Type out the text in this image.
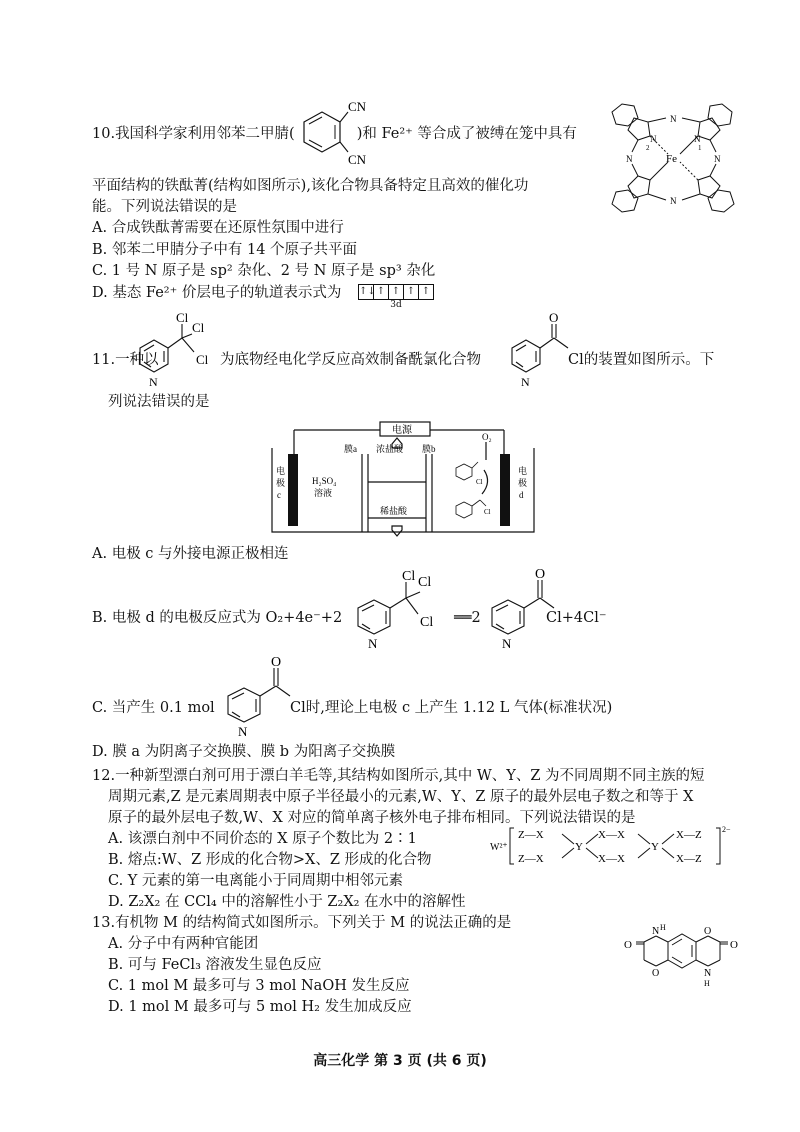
10.我国科学家利用邻苯二甲腈(	)和 Fe²⁺ 等合成了被缚在笼中具有
CN
CN
N
N
N	N
N
2
N
1
Fe
平面结构的铁酞菁(结构如图所示),该化合物具备特定且高效的催化功
能。下列说法错误的是
A. 合成铁酞菁需要在还原性氛围中进行
B. 邻苯二甲腈分子中有 14 个原子共平面
C. 1 号 N 原子是 sp² 杂化、2 号 N 原子是 sp³ 杂化
D. 基态 Fe²⁺ 价层电子的轨道表示式为 ↑↓ ↑ ↑ ↑ ↑
3d
N
Cl
Cl
Cl
11.一种以	为底物经电化学反应高效制备酰氯化合物
N
O
Cl的装置如图所示。下
列说法错误的是
电源
膜a 浓盐酸 膜b
O₂
电
极
c
电
极
d
H₂SO₄
溶液
稀盐酸
Cl
Cl
A. 电极 c 与外接电源正极相连
B. 电极 d 的电极反应式为 O₂+4e⁻+2
N
Cl Cl
Cl ══2
N
O
Cl+4Cl⁻
C. 当产生 0.1 mol
N
O
Cl时,理论上电极 c 上产生 1.12 L 气体(标准状况)
D. 膜 a 为阴离子交换膜、膜 b 为阳离子交换膜
12.一种新型漂白剂可用于漂白羊毛等,其结构如图所示,其中 W、Y、Z 为不同周期不同主族的短
周期元素,Z 是元素周期表中原子半径最小的元素,W、Y、Z 原子的最外层电子数之和等于 X
原子的最外层电子数,W、X 对应的简单离子核外电子排布相同。下列说法错误的是
A. 该漂白剂中不同价态的 X 原子个数比为 2∶1
B. 熔点:W、Z 形成的化合物>X、Z 形成的化合物
C. Y 元素的第一电离能小于同周期中相邻元素
D. Z₂X₂ 在 CCl₄ 中的溶解性小于 Z₂X₂ 在水中的溶解性
W²⁺
2−
Z—X
Z—X
Y
X—X
X—X
Y
X—Z
X—Z
13.有机物 M 的结构简式如图所示。下列关于 M 的说法正确的是
A. 分子中有两种官能团
B. 可与 FeCl₃ 溶液发生显色反应
C. 1 mol M 最多可与 3 mol NaOH 发生反应
D. 1 mol M 最多可与 5 mol H₂ 发生加成反应
O
N H
O
O
N
H
O
高三化学 第 3 页 (共 6 页)
